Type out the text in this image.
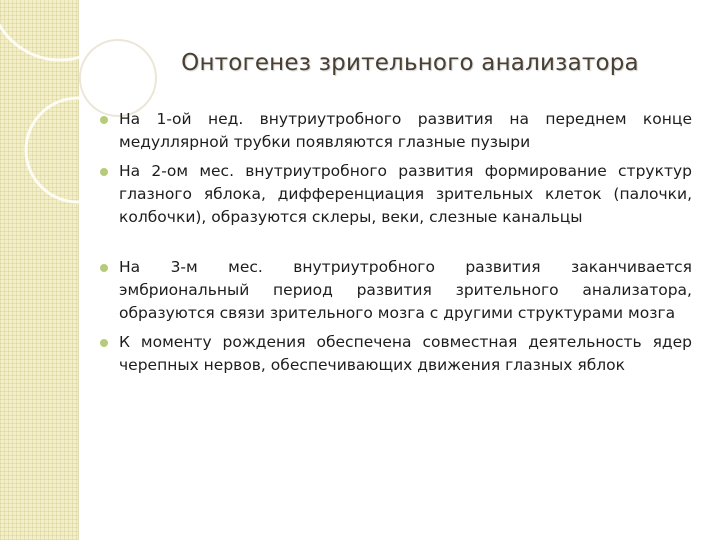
Онтогенез зрительного анализатора
На 1-ой нед. внутриутробного развития на переднем конце медуллярной трубки появляются глазные пузыри
На 2-ом мес. внутриутробного развития формирование структур глазного яблока, дифференциация зрительных клеток (палочки, колбочки), образуются склеры, веки, слезные канальцы
На 3-м мес. внутриутробного развития заканчивается эмбриональный период развития зрительного анализатора, образуются связи зрительного мозга с другими структурами мозга
К моменту рождения обеспечена совместная деятельность ядер черепных нервов, обеспечивающих движения глазных яблок
